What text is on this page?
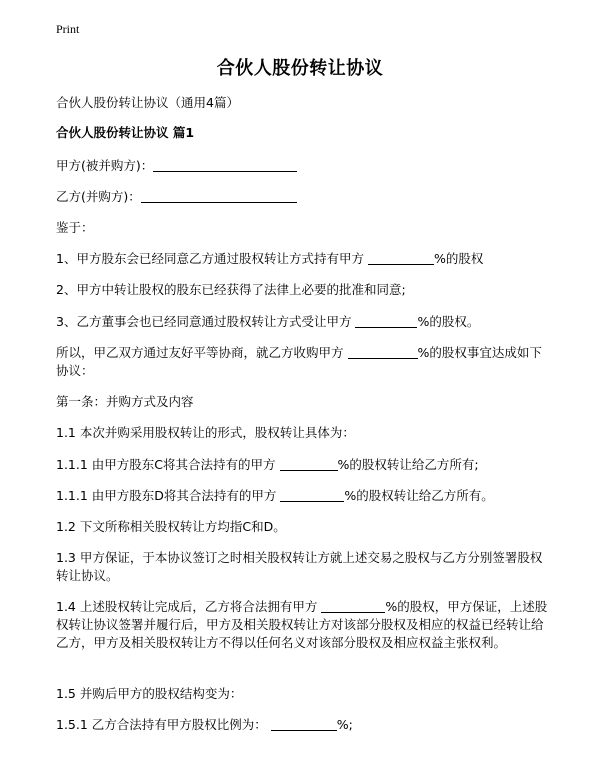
Print
合伙人股份转让协议
合伙人股份转让协议（通用4篇）
合伙人股份转让协议 篇1
甲方(被并购方)：
乙方(并购方)：
鉴于：
1、甲方股东会已经同意乙方通过股权转让方式持有甲方	%的股权
2、甲方中转让股权的股东已经获得了法律上必要的批准和同意;
3、乙方董事会也已经同意通过股权转让方式受让甲方	%的股权。
所以，甲乙双方通过友好平等协商，就乙方收购甲方	%的股权事宜达成如下协议：
第一条：并购方式及内容
1.1 本次并购采用股权转让的形式，股权转让具体为：
1.1.1 由甲方股东C将其合法持有的甲方	%的股权转让给乙方所有;
1.1.1 由甲方股东D将其合法持有的甲方	%的股权转让给乙方所有。
1.2 下文所称相关股权转让方均指C和D。
1.3 甲方保证，于本协议签订之时相关股权转让方就上述交易之股权与乙方分别签署股权转让协议。
1.4 上述股权转让完成后，乙方将合法拥有甲方	%的股权，甲方保证，上述股权转让协议签署并履行后，甲方及相关股权转让方对该部分股权及相应的权益已经转让给乙方，甲方及相关股权转让方不得以任何名义对该部分股权及相应权益主张权利。
1.5 并购后甲方的股权结构变为：
1.5.1 乙方合法持有甲方股权比例为：	%;
